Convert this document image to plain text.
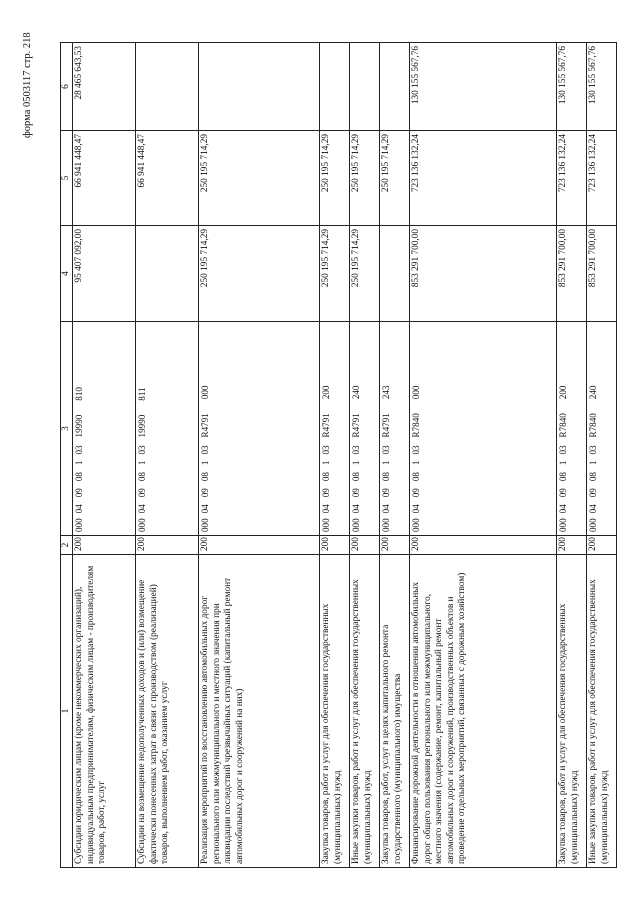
форма 0503117 стр. 218
1	2	3	4	5	6
Субсидии юридическим лицам (кроме некоммерческих организаций), индивидуальным предпринимателям, физическим лицам - производителям товаров, работ, услуг	200	00004090810319990810	95 407 092,00	66 941 448,47	28 465 643,53
Субсидии на возмещение недополученных доходов и (или) возмещение фактически понесенных затрат в связи с производством (реализацией) товаров, выполнением работ, оказанием услуг	200	00004090810319990811		66 941 448,47	
Реализация мероприятий по восстановлению автомобильных дорог регионального или межмуниципального и местного значения при ликвидации последствий чрезвычайных ситуаций (капитальный ремонт автомобильных дорог и сооружений на них)	200	000040908103R4791000	250 195 714,29	250 195 714,29	
Закупка товаров, работ и услуг для обеспечения государственных (муниципальных) нужд	200	000040908103R4791200	250 195 714,29	250 195 714,29	
Иные закупки товаров, работ и услуг для обеспечения государственных (муниципальных) нужд	200	000040908103R4791240	250 195 714,29	250 195 714,29	
Закупка товаров, работ, услуг в целях капитального ремонта государственного (муниципального) имущества	200	000040908103R4791243		250 195 714,29	
Финансирование дорожной деятельности в отношении автомобильных дорог общего пользования регионального или межмуниципального, местного значения (содержание, ремонт, капитальный ремонт автомобильных дорог и сооружений, производственных объектов и проведение отдельных мероприятий, связанных с дорожным хозяйством)	200	000040908103R7840000	853 291 700,00	723 136 132,24	130 155 567,76
Закупка товаров, работ и услуг для обеспечения государственных (муниципальных) нужд	200	000040908103R7840200	853 291 700,00	723 136 132,24	130 155 567,76
Иные закупки товаров, работ и услуг для обеспечения государственных (муниципальных) нужд	200	000040908103R7840240	853 291 700,00	723 136 132,24	130 155 567,76
